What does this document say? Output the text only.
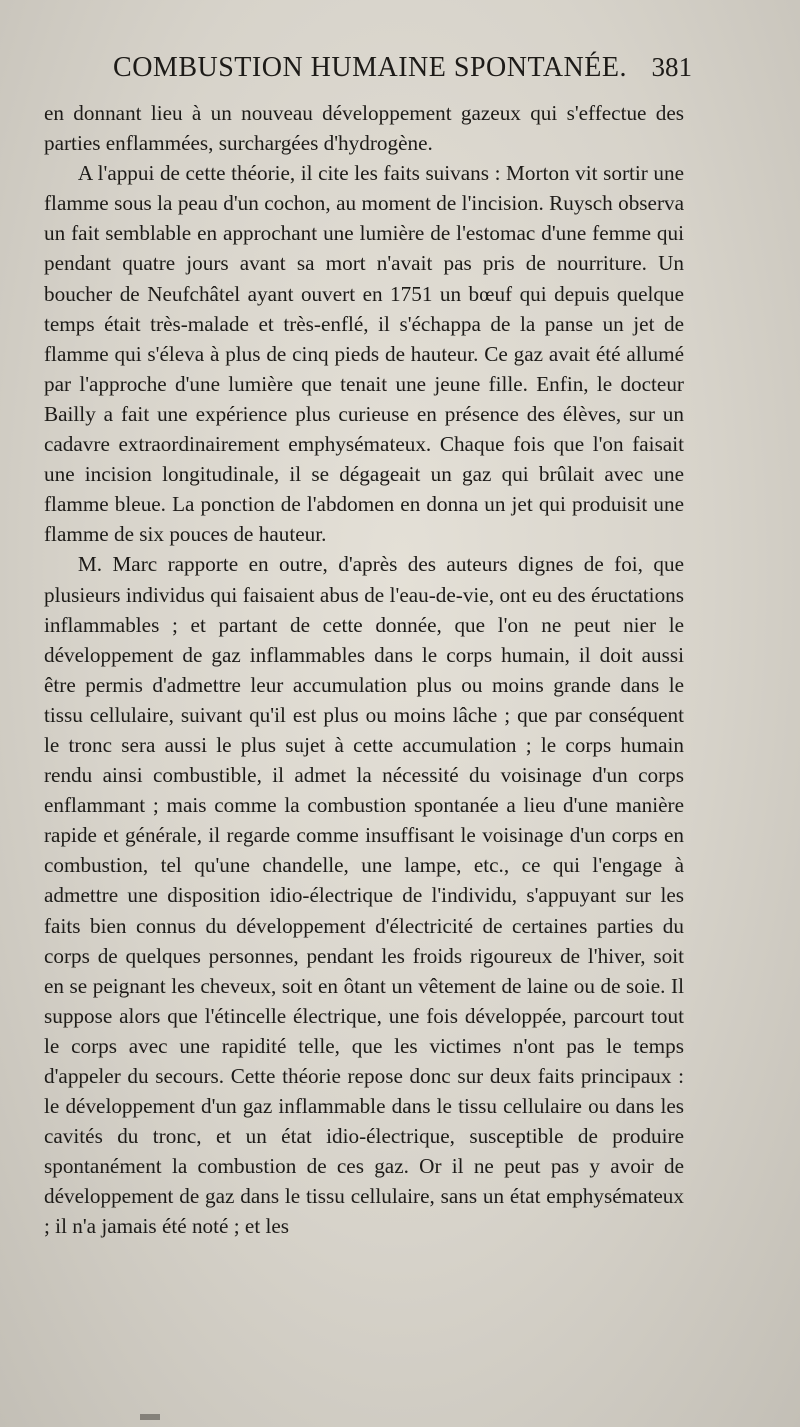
COMBUSTION HUMAINE SPONTANÉE. 381

en donnant lieu à un nouveau développement gazeux qui s'effectue des parties enflammées, surchargées d'hydrogène.

A l'appui de cette théorie, il cite les faits suivans : Morton vit sortir une flamme sous la peau d'un cochon, au moment de l'incision. Ruysch observa un fait semblable en approchant une lumière de l'estomac d'une femme qui pendant quatre jours avant sa mort n'avait pas pris de nourriture. Un boucher de Neufchâtel ayant ouvert en 1751 un bœuf qui depuis quelque temps était très-malade et très-enflé, il s'échappa de la panse un jet de flamme qui s'éleva à plus de cinq pieds de hauteur. Ce gaz avait été allumé par l'approche d'une lumière que tenait une jeune fille. Enfin, le docteur Bailly a fait une expérience plus curieuse en présence des élèves, sur un cadavre extraordinairement emphysémateux. Chaque fois que l'on faisait une incision longitudinale, il se dégageait un gaz qui brûlait avec une flamme bleue. La ponction de l'abdomen en donna un jet qui produisit une flamme de six pouces de hauteur.

M. Marc rapporte en outre, d'après des auteurs dignes de foi, que plusieurs individus qui faisaient abus de l'eau-de-vie, ont eu des éructations inflammables ; et partant de cette donnée, que l'on ne peut nier le développement de gaz inflammables dans le corps humain, il doit aussi être permis d'admettre leur accumulation plus ou moins grande dans le tissu cellulaire, suivant qu'il est plus ou moins lâche ; que par conséquent le tronc sera aussi le plus sujet à cette accumulation ; le corps humain rendu ainsi combustible, il admet la nécessité du voisinage d'un corps enflammant ; mais comme la combustion spontanée a lieu d'une manière rapide et générale, il regarde comme insuffisant le voisinage d'un corps en combustion, tel qu'une chandelle, une lampe, etc., ce qui l'engage à admettre une disposition idio-électrique de l'individu, s'appuyant sur les faits bien connus du développement d'électricité de certaines parties du corps de quelques personnes, pendant les froids rigoureux de l'hiver, soit en se peignant les cheveux, soit en ôtant un vêtement de laine ou de soie. Il suppose alors que l'étincelle électrique, une fois développée, parcourt tout le corps avec une rapidité telle, que les victimes n'ont pas le temps d'appeler du secours. Cette théorie repose donc sur deux faits principaux : le développement d'un gaz inflammable dans le tissu cellulaire ou dans les cavités du tronc, et un état idio-électrique, susceptible de produire spontanément la combustion de ces gaz. Or il ne peut pas y avoir de développement de gaz dans le tissu cellulaire, sans un état emphysémateux ; il n'a jamais été noté ; et les
